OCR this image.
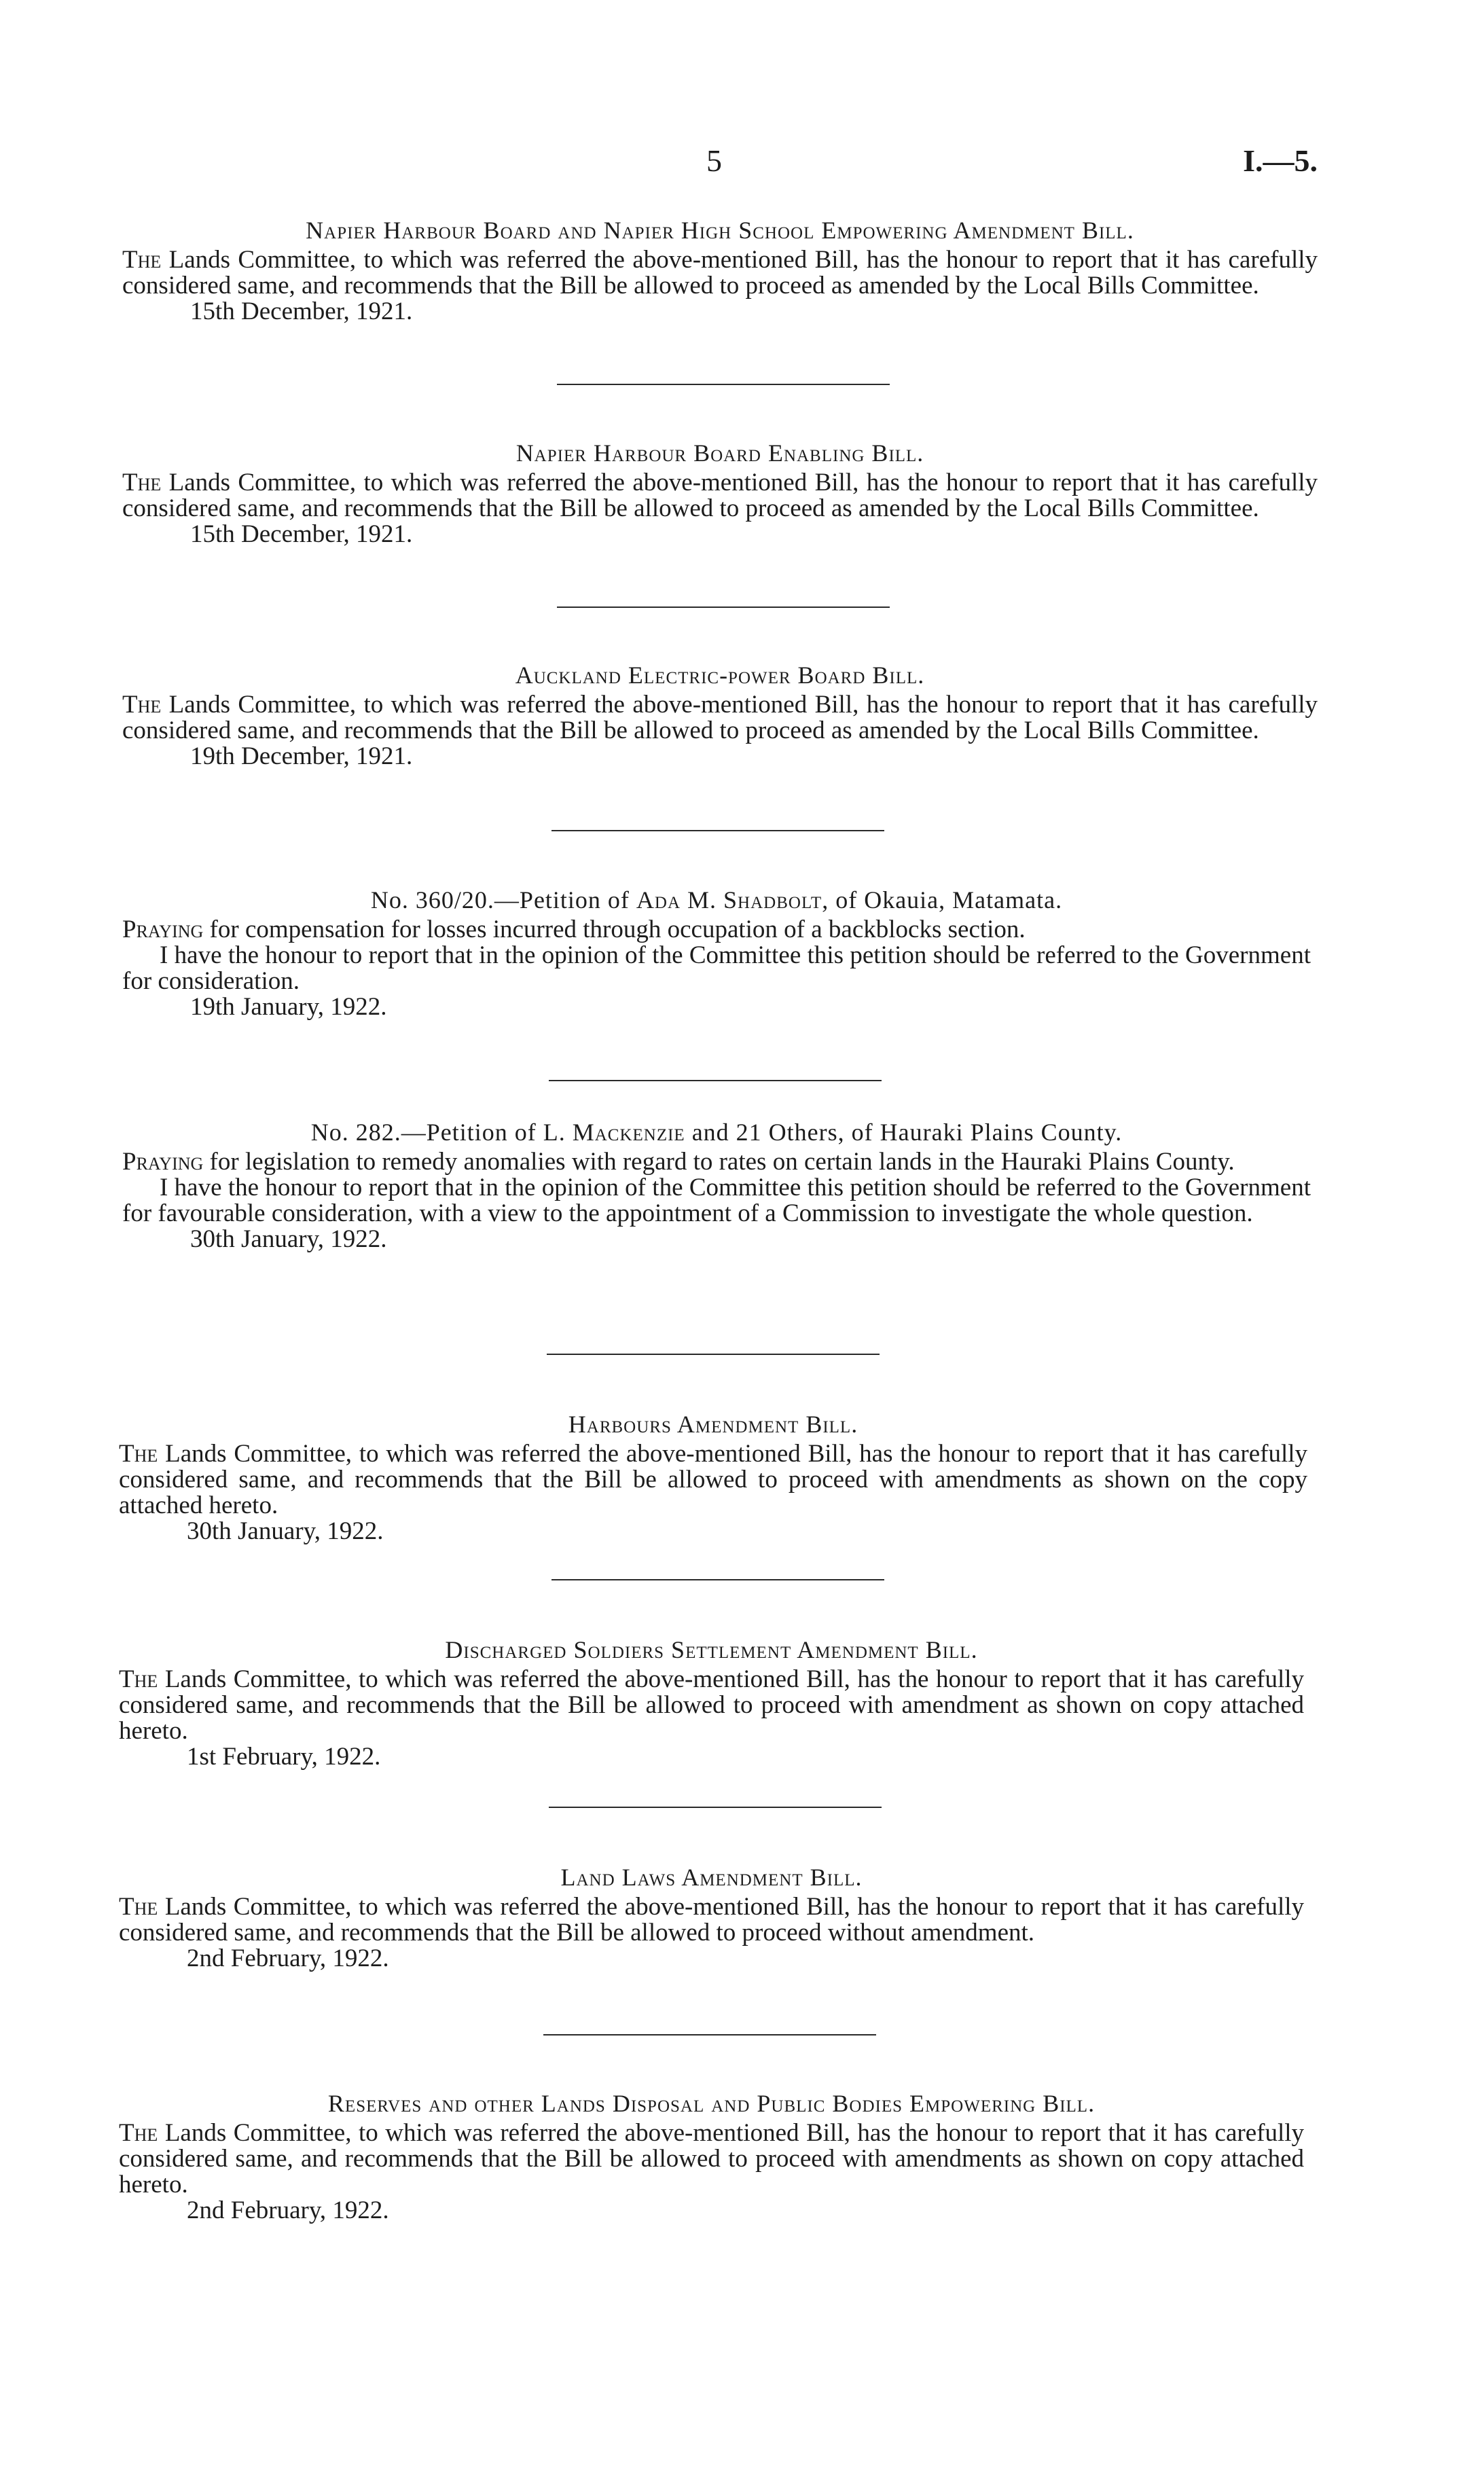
5	I.—5.
Napier Harbour Board and Napier High School Empowering Amendment Bill.

The Lands Committee, to which was referred the above-mentioned Bill, has the honour to report that it has carefully considered same, and recommends that the Bill be allowed to proceed as amended by the Local Bills Committee.

15th December, 1921.

Napier Harbour Board Enabling Bill.

The Lands Committee, to which was referred the above-mentioned Bill, has the honour to report that it has carefully considered same, and recommends that the Bill be allowed to proceed as amended by the Local Bills Committee.

15th December, 1921.

Auckland Electric-power Board Bill.

The Lands Committee, to which was referred the above-mentioned Bill, has the honour to report that it has carefully considered same, and recommends that the Bill be allowed to proceed as amended by the Local Bills Committee.

19th December, 1921.

No. 360/20.—Petition of Ada M. Shadbolt, of Okauia, Matamata.

Praying for compensation for losses incurred through occupation of a backblocks section.

I have the honour to report that in the opinion of the Committee this petition should be referred to the Government for consideration.

19th January, 1922.

No. 282.—Petition of L. Mackenzie and 21 Others, of Hauraki Plains County.

Praying for legislation to remedy anomalies with regard to rates on certain lands in the Hauraki Plains County.

I have the honour to report that in the opinion of the Committee this petition should be referred to the Government for favourable consideration, with a view to the appointment of a Commission to investigate the whole question.

30th January, 1922.

Harbours Amendment Bill.

The Lands Committee, to which was referred the above-mentioned Bill, has the honour to report that it has carefully considered same, and recommends that the Bill be allowed to proceed with amendments as shown on the copy attached hereto.

30th January, 1922.

Discharged Soldiers Settlement Amendment Bill.

The Lands Committee, to which was referred the above-mentioned Bill, has the honour to report that it has carefully considered same, and recommends that the Bill be allowed to proceed with amendment as shown on copy attached hereto.

1st February, 1922.

Land Laws Amendment Bill.

The Lands Committee, to which was referred the above-mentioned Bill, has the honour to report that it has carefully considered same, and recommends that the Bill be allowed to proceed without amendment.

2nd February, 1922.

Reserves and other Lands Disposal and Public Bodies Empowering Bill.

The Lands Committee, to which was referred the above-mentioned Bill, has the honour to report that it has carefully considered same, and recommends that the Bill be allowed to proceed with amendments as shown on copy attached hereto.

2nd February, 1922.
